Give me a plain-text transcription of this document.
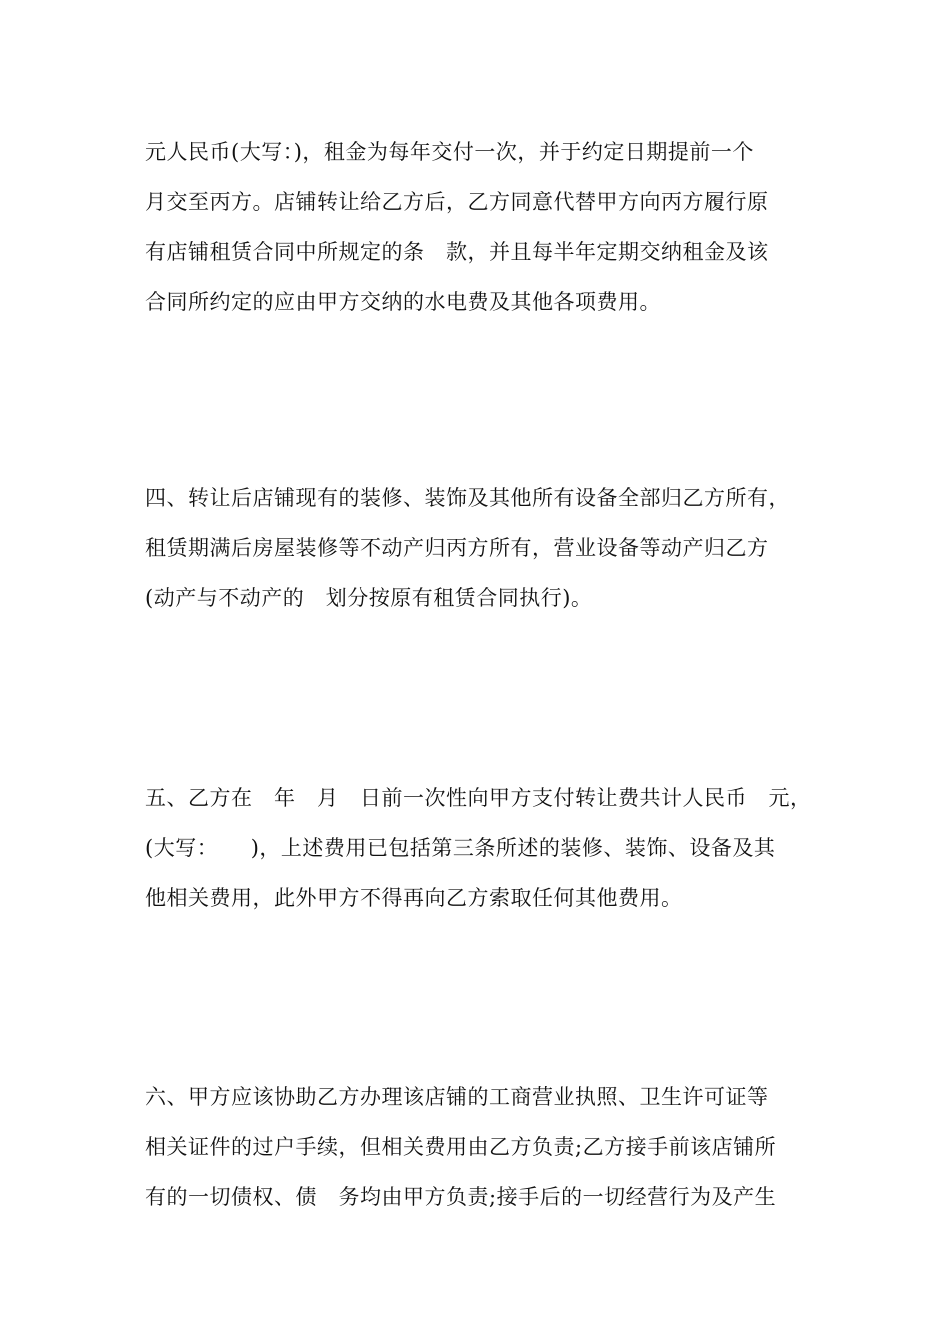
元人民币(大写：)，租金为每年交付一次，并于约定日期提前一个
月交至丙方。店铺转让给乙方后，乙方同意代替甲方向丙方履行原
有店铺租赁合同中所规定的条　款，并且每半年定期交纳租金及该
合同所约定的应由甲方交纳的水电费及其他各项费用。
四、转让后店铺现有的装修、装饰及其他所有设备全部归乙方所有，
租赁期满后房屋装修等不动产归丙方所有，营业设备等动产归乙方
(动产与不动产的　划分按原有租赁合同执行)。
五、乙方在　年　月　日前一次性向甲方支付转让费共计人民币　元，
(大写：　　)，上述费用已包括第三条所述的装修、装饰、设备及其
他相关费用，此外甲方不得再向乙方索取任何其他费用。
六、甲方应该协助乙方办理该店铺的工商营业执照、卫生许可证等
相关证件的过户手续，但相关费用由乙方负责;乙方接手前该店铺所
有的一切债权、债　务均由甲方负责;接手后的一切经营行为及产生
